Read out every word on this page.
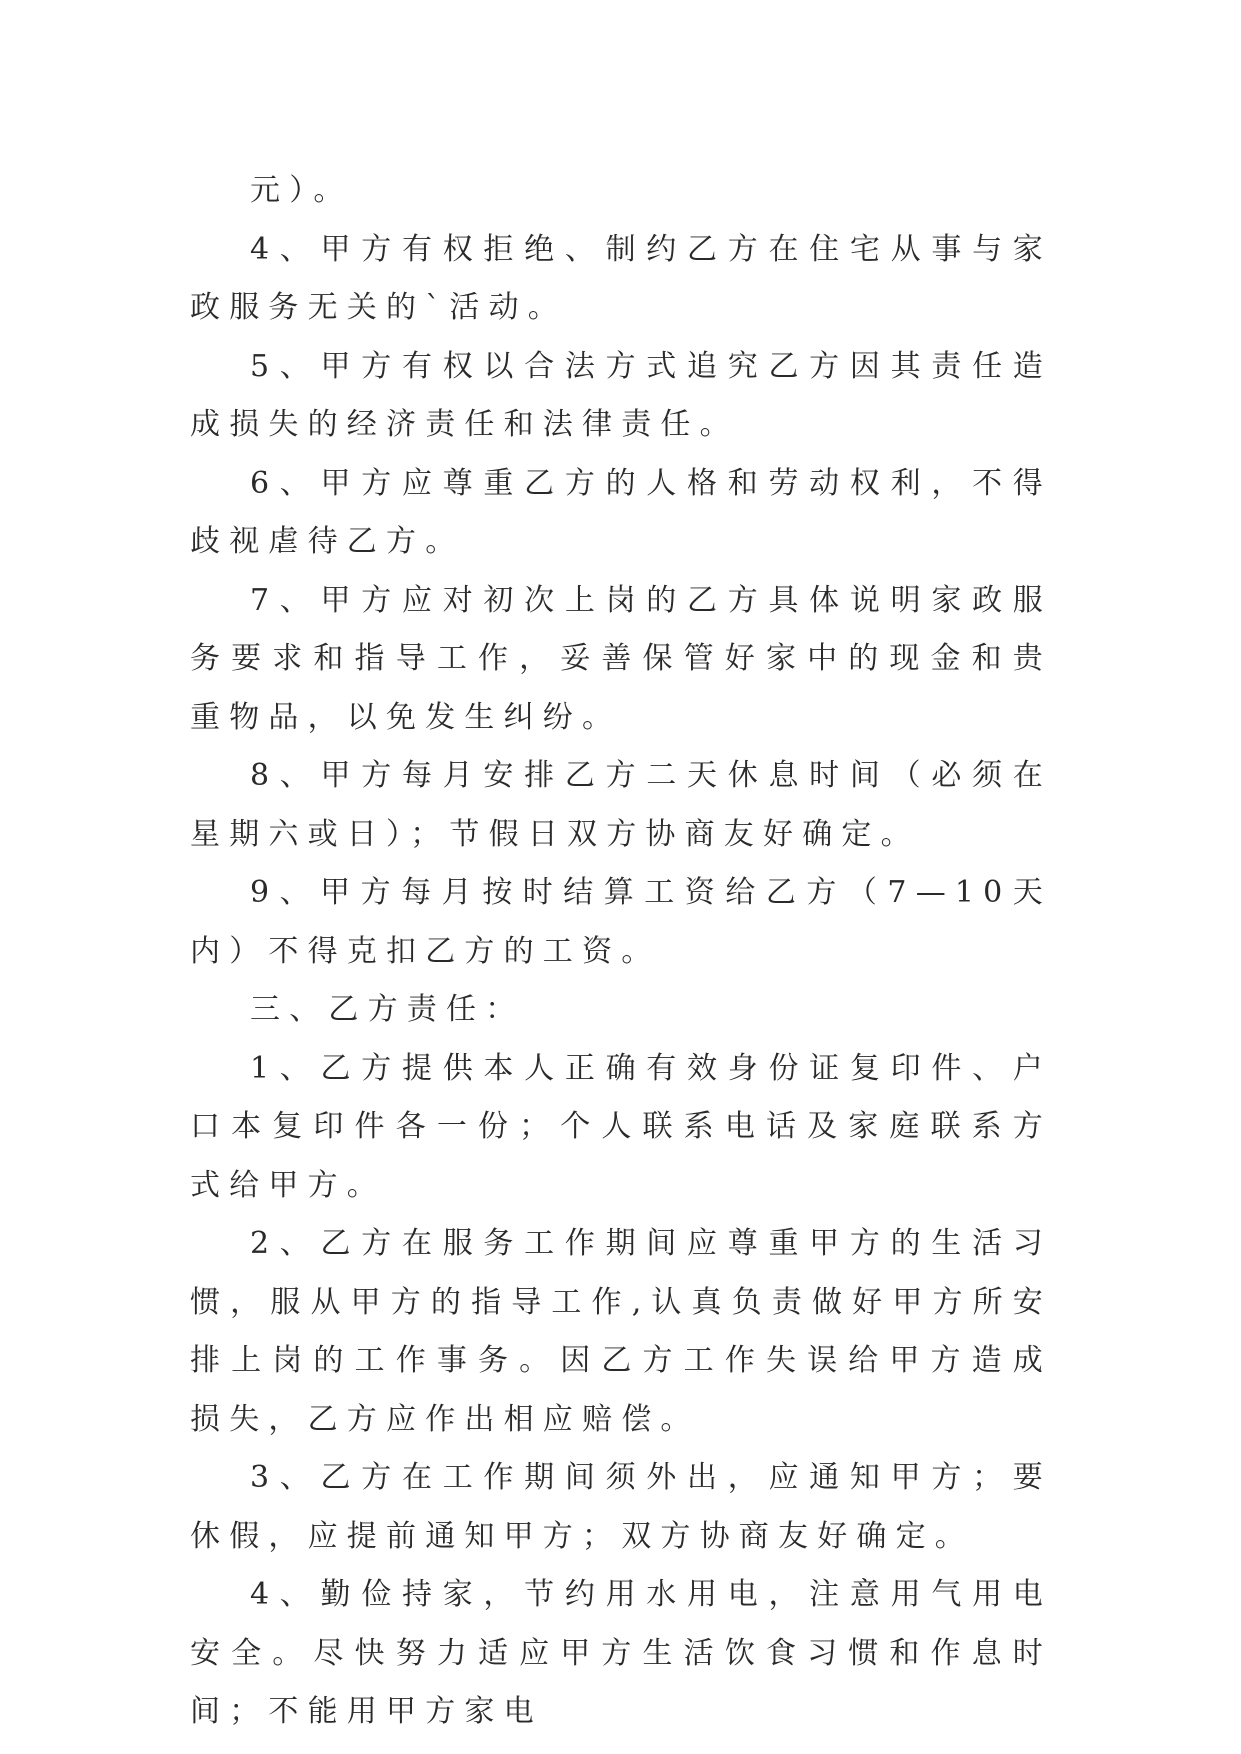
元）。

4、甲方有权拒绝、制约乙方在住宅从事与家政服务无关的`活动。

5、甲方有权以合法方式追究乙方因其责任造成损失的经济责任和法律责任。

6、甲方应尊重乙方的人格和劳动权利，不得歧视虐待乙方。

7、甲方应对初次上岗的乙方具体说明家政服务要求和指导工作，妥善保管好家中的现金和贵重物品，以免发生纠纷。

8、甲方每月安排乙方二天休息时间（必须在星期六或日）；节假日双方协商友好确定。

9、甲方每月按时结算工资给乙方（7—10天内）不得克扣乙方的工资。

三、乙方责任：

1、乙方提供本人正确有效身份证复印件、户口本复印件各一份；个人联系电话及家庭联系方式给甲方。

2、乙方在服务工作期间应尊重甲方的生活习惯，服从甲方的指导工作,认真负责做好甲方所安排上岗的工作事务。因乙方工作失误给甲方造成损失，乙方应作出相应赔偿。

3、乙方在工作期间须外出，应通知甲方；要休假，应提前通知甲方；双方协商友好确定。

4、勤俭持家，节约用水用电，注意用气用电安全。尽快努力适应甲方生活饮食习惯和作息时间；不能用甲方家电
